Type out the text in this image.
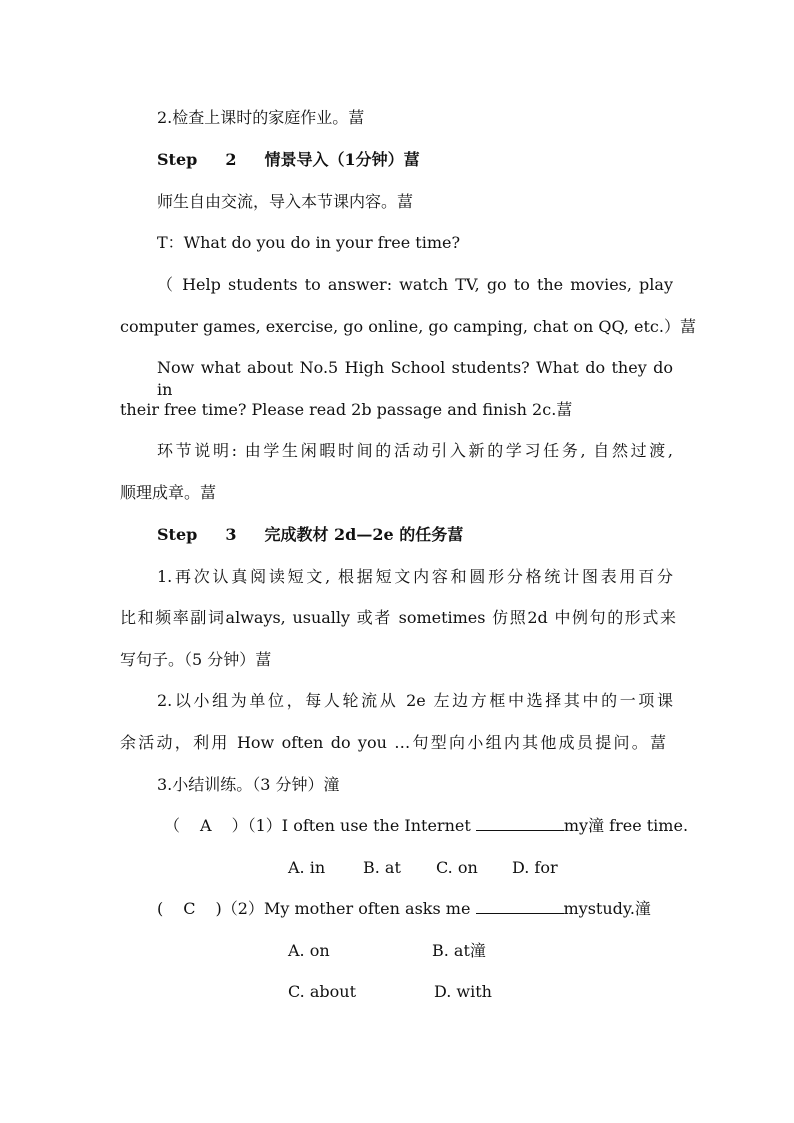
2.检查上课时的家庭作业。葍
Step 2 情景导入（1分钟）葍
师生自由交流，导入本节课内容。葍
T：What do you do in your free time?
（ Help students to answer: watch TV, go to the movies, play
computer games, exercise, go online, go camping, chat on QQ, etc.）葍
Now what about No.5 High School students? What do they do in
their free time? Please read 2b passage and finish 2c.葍
环节说明: 由学生闲暇时间的活动引入新的学习任务, 自然过渡,
顺理成章。葍
Step 3 完成教材 2d—2e 的任务葍
1.再次认真阅读短文, 根据短文内容和圆形分格统计图表用百分
比和频率副词always, usually 或者 sometimes 仿照2d 中例句的形式来
写句子。（5 分钟）葍
2.以小组为单位，每人轮流从 2e 左边方框中选择其中的一项课
余活动，利用 How often do you …句型向小组内其他成员提问。葍
3.小结训练。（3 分钟）潼
（ A ）（1）I often use the Internet	my潼 free time.
A. in B. at C. on D. for
( C )（2）My mother often asks me	mystudy.潼
A. on	B. at潼
C. about	D. with
